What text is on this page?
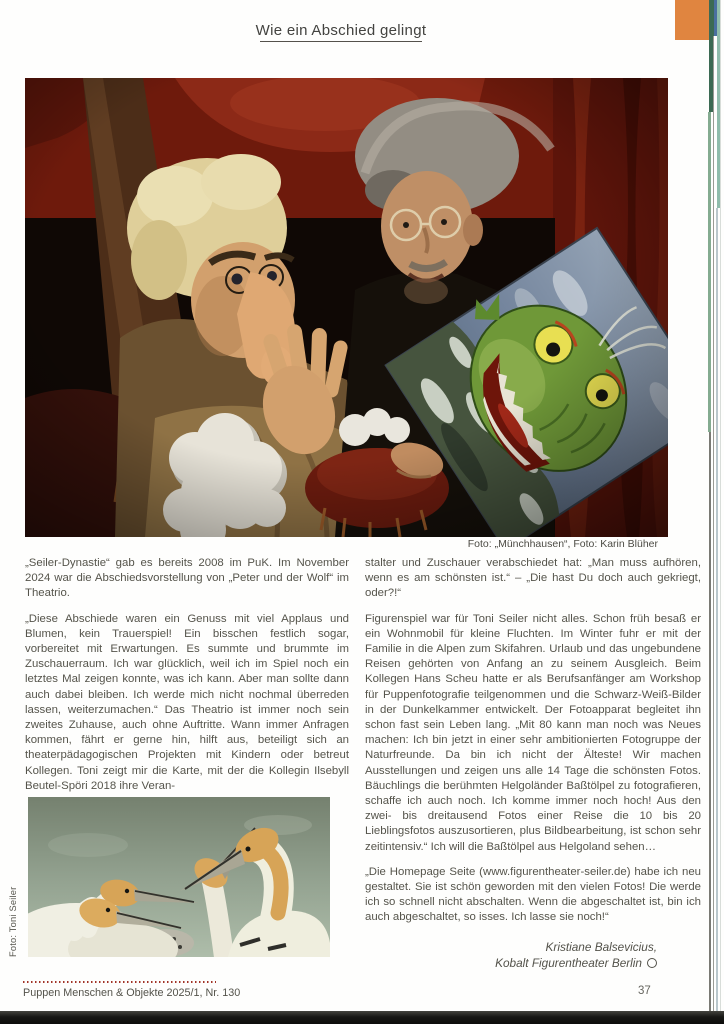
Wie ein Abschied gelingt
Foto: „Münchhausen“, Foto: Karin Blüher

„Seiler-Dynastie“ gab es bereits 2008 im PuK. Im November 2024 war die Abschiedsvorstellung von „Peter und der Wolf“ im Theatrio.

„Diese Abschiede waren ein Genuss mit viel Applaus und Blumen, kein Trauerspiel! Ein bisschen festlich sogar, vorbereitet mit Erwartungen. Es summte und brummte im Zuschauerraum. Ich war glücklich, weil ich im Spiel noch ein letztes Mal zeigen konnte, was ich kann. Aber man sollte dann auch dabei bleiben. Ich werde mich nicht nochmal überreden lassen, weiterzumachen.“ Das Theatrio ist immer noch sein zweites Zuhause, auch ohne Auftritte. Wann immer Anfragen kommen, fährt er gerne hin, hilft aus, beteiligt sich an theaterpädagogischen Projekten mit Kindern oder betreut Kollegen. Toni zeigt mir die Karte, mit der die Kollegin Ilsebyll Beutel-Spöri 2018 ihre Veran-

Foto: Toni Seiler

stalter und Zuschauer verabschiedet hat: „Man muss aufhören, wenn es am schönsten ist.“ – „Die hast Du doch auch gekriegt, oder?!“

Figurenspiel war für Toni Seiler nicht alles. Schon früh besaß er ein Wohnmobil für kleine Fluchten. Im Winter fuhr er mit der Familie in die Alpen zum Skifahren. Urlaub und das ungebundene Reisen gehörten von Anfang an zu seinem Ausgleich. Beim Kollegen Hans Scheu hatte er als Berufsanfänger am Workshop für Puppenfotografie teilgenommen und die Schwarz-Weiß-Bilder in der Dunkelkammer entwickelt. Der Fotoapparat begleitet ihn schon fast sein Leben lang. „Mit 80 kann man noch was Neues machen: Ich bin jetzt in einer sehr ambitionierten Fotogruppe der Naturfreunde. Da bin ich nicht der Älteste! Wir machen Ausstellungen und zeigen uns alle 14 Tage die schönsten Fotos. Bäuchlings die berühmten Helgoländer Baßtölpel zu fotografieren, schaffe ich auch noch. Ich komme immer noch hoch! Aus den zwei- bis dreitausend Fotos einer Reise die 10 bis 20 Lieblingsfotos auszusortieren, plus Bildbearbeitung, ist schon sehr zeitintensiv.“ Ich will die Baßtölpel aus Helgoland sehen…

„Die Homepage Seite (www.figurentheater-seiler.de) habe ich neu gestaltet. Sie ist schön geworden mit den vielen Fotos! Die werde ich so schnell nicht abschalten. Wenn die abgeschaltet ist, bin ich auch abgeschaltet, so isses. Ich lasse sie noch!“

Kristiane Balsevicius,
Kobalt Figurentheater Berlin
Puppen Menschen & Objekte 2025/1, Nr. 130	37
